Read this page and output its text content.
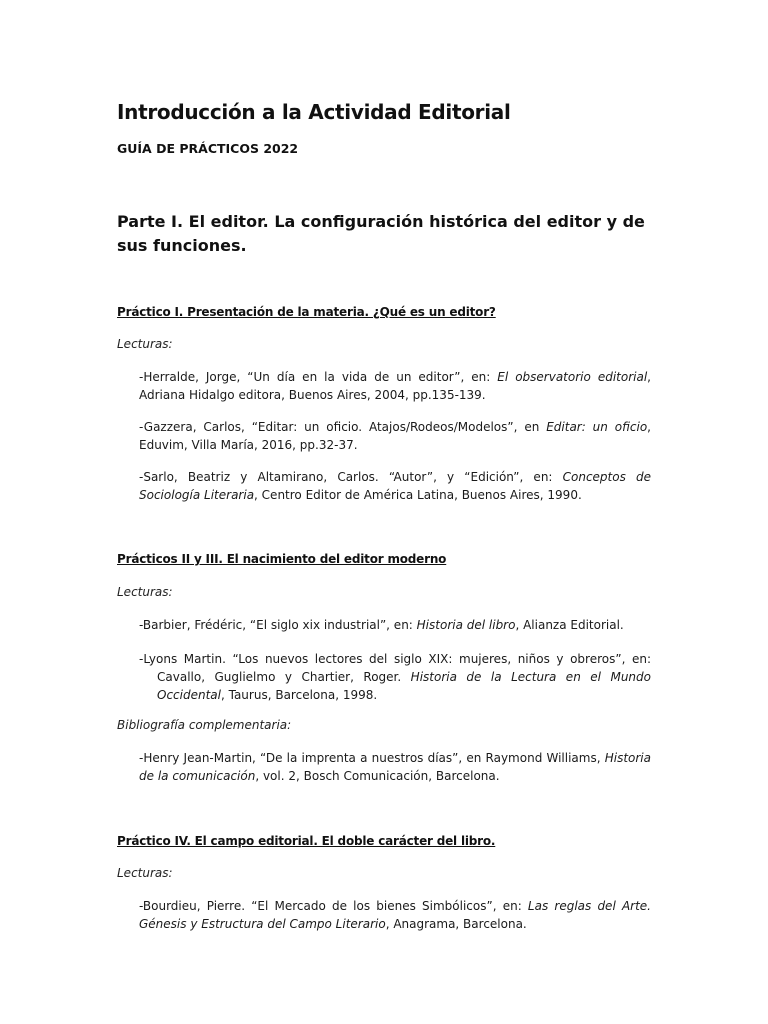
Introducción a la Actividad Editorial
GUÍA DE PRÁCTICOS 2022
Parte I. El editor. La configuración histórica del editor y de sus funciones.
Práctico I. Presentación de la materia. ¿Qué es un editor?
Lecturas:
-Herralde, Jorge, “Un día en la vida de un editor”, en: El observatorio editorial, Adriana Hidalgo editora, Buenos Aires, 2004, pp.135-139.
-Gazzera, Carlos, “Editar: un oficio. Atajos/Rodeos/Modelos”, en Editar: un oficio, Eduvim, Villa María, 2016, pp.32-37.
-Sarlo, Beatriz y Altamirano, Carlos. “Autor”, y “Edición”, en: Conceptos de Sociología Literaria, Centro Editor de América Latina, Buenos Aires, 1990.
Prácticos II y III. El nacimiento del editor moderno
Lecturas:
-Barbier, Frédéric, “El siglo xix industrial”, en: Historia del libro, Alianza Editorial.
-Lyons Martin. “Los nuevos lectores del siglo XIX: mujeres, niños y obreros”, en: Cavallo, Guglielmo y Chartier, Roger. Historia de la Lectura en el Mundo Occidental, Taurus, Barcelona, 1998.
Bibliografía complementaria:
-Henry Jean-Martin, “De la imprenta a nuestros días”, en Raymond Williams, Historia de la comunicación, vol. 2, Bosch Comunicación, Barcelona.
Práctico IV. El campo editorial. El doble carácter del libro.
Lecturas:
-Bourdieu, Pierre. “El Mercado de los bienes Simbólicos”, en: Las reglas del Arte. Génesis y Estructura del Campo Literario, Anagrama, Barcelona.
